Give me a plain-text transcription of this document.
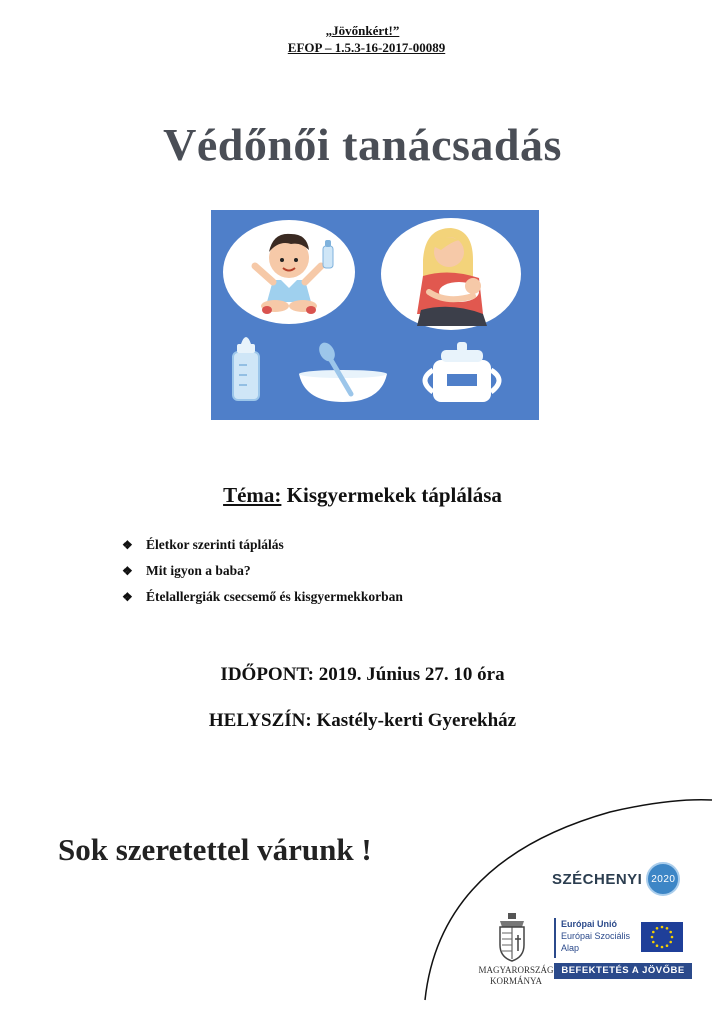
„Jövőnkért!”
EFOP – 1.5.3-16-2017-00089
Védőnői tanácsadás
Téma: Kisgyermekek táplálása
❖ Életkor szerinti táplálás
❖ Mit igyon a baba?
❖ Ételallergiák csecsemő és kisgyermekkorban
IDŐPONT: 2019. Június 27. 10 óra
HELYSZÍN: Kastély-kerti Gyerekház
Sok szeretettel várunk !
SZÉCHENYI 2020
MAGYARORSZÁG
KORMÁNYA
Európai Unió
Európai Szociális
Alap
BEFEKTETÉS A JÖVŐBE
